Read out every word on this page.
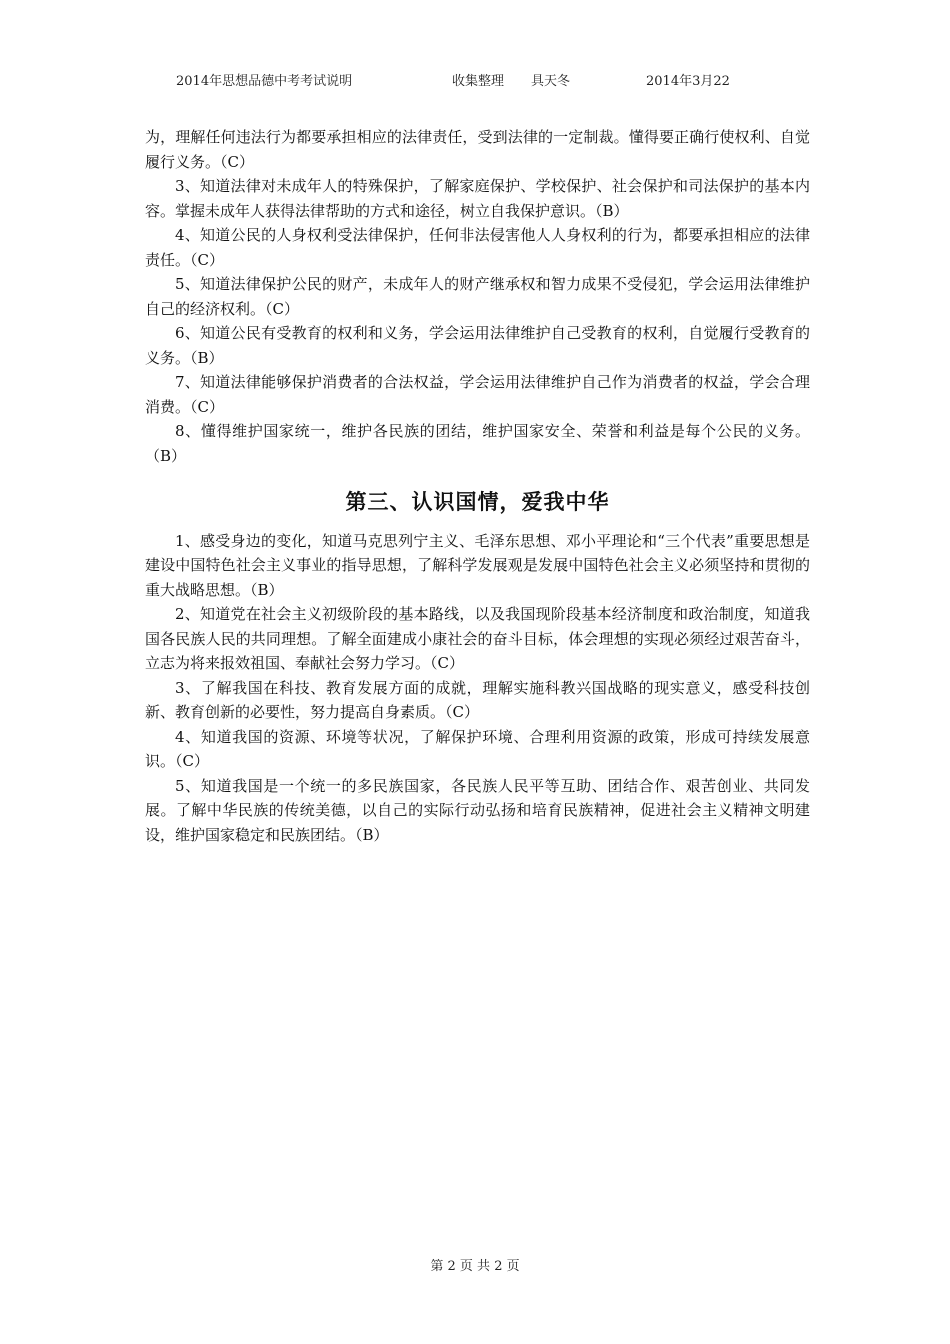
2014年思想品德中考考试说明	收集整理 具天冬	2014年3月22

为，理解任何违法行为都要承担相应的法律责任，受到法律的一定制裁。懂得要正确行使权利、自觉履行义务。（C）

3、知道法律对未成年人的特殊保护，了解家庭保护、学校保护、社会保护和司法保护的基本内容。掌握未成年人获得法律帮助的方式和途径，树立自我保护意识。（B）

4、知道公民的人身权利受法律保护，任何非法侵害他人人身权利的行为，都要承担相应的法律责任。（C）

5、知道法律保护公民的财产，未成年人的财产继承权和智力成果不受侵犯，学会运用法律维护自己的经济权利。（C）

6、知道公民有受教育的权利和义务，学会运用法律维护自己受教育的权利，自觉履行受教育的义务。（B）

7、知道法律能够保护消费者的合法权益，学会运用法律维护自己作为消费者的权益，学会合理消费。（C）

8、懂得维护国家统一，维护各民族的团结，维护国家安全、荣誉和利益是每个公民的义务。（B）

第三、认识国情，爱我中华

1、感受身边的变化，知道马克思列宁主义、毛泽东思想、邓小平理论和“三个代表”重要思想是建设中国特色社会主义事业的指导思想，了解科学发展观是发展中国特色社会主义必须坚持和贯彻的重大战略思想。（B）

2、知道党在社会主义初级阶段的基本路线，以及我国现阶段基本经济制度和政治制度，知道我国各民族人民的共同理想。了解全面建成小康社会的奋斗目标，体会理想的实现必须经过艰苦奋斗，立志为将来报效祖国、奉献社会努力学习。（C）

3、了解我国在科技、教育发展方面的成就，理解实施科教兴国战略的现实意义，感受科技创新、教育创新的必要性，努力提高自身素质。（C）

4、知道我国的资源、环境等状况，了解保护环境、合理利用资源的政策，形成可持续发展意识。（C）

5、知道我国是一个统一的多民族国家，各民族人民平等互助、团结合作、艰苦创业、共同发展。了解中华民族的传统美德，以自己的实际行动弘扬和培育民族精神，促进社会主义精神文明建设，维护国家稳定和民族团结。（B）

第 2 页 共 2 页
